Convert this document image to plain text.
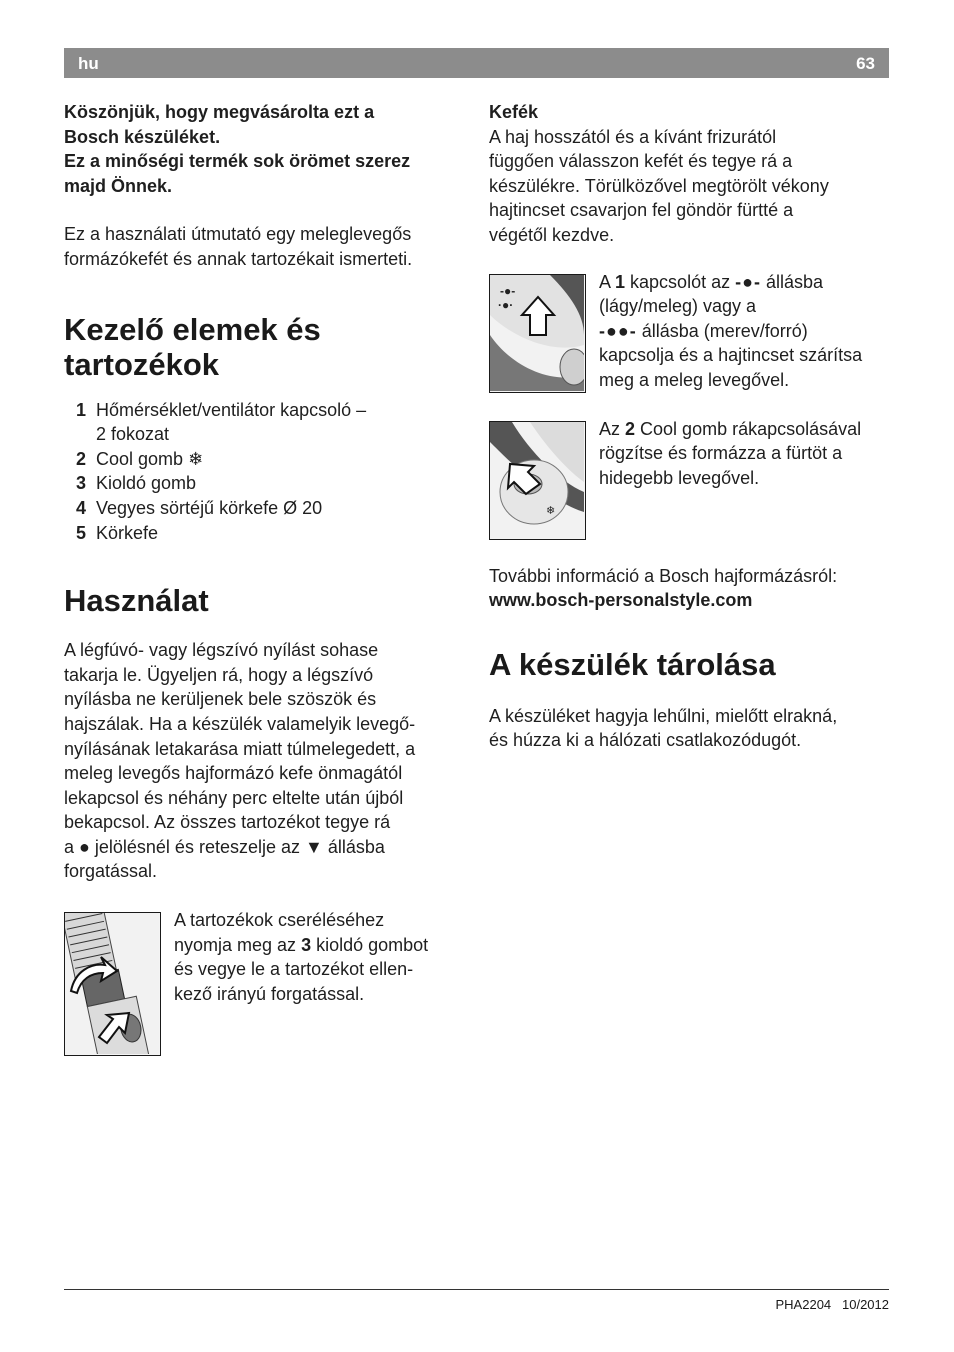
hu	63

Köszönjük, hogy megvásárolta ezt a

Bosch készüléket.

Ez a minőségi termék sok örömet szerez

majd Önnek.

Ez a használati útmutató egy meleglevegős

formázókefét és annak tartozékait ismerteti.

Kezelő elemek és
tartozékok
1 Hőmérséklet/ventilátor kapcsoló –
2 fokozat
2 Cool gomb ❄
3 Kioldó gomb
4 Vegyes sörtéjű körkefe Ø 20
5 Körkefe
Használat

A légfúvó- vagy légszívó nyílást sohase

takarja le. Ügyeljen rá, hogy a légszívó

nyílásba ne kerüljenek bele szöszök és

hajszálak. Ha a készülék valamelyik levegő-

nyílásának letakarása miatt túlmelegedett, a

meleg levegős hajformázó kefe önmagától

lekapcsol és néhány perc eltelte után újból

bekapcsol. Az összes tartozékot tegye rá

a ● jelölésnél és reteszelje az ▼ állásba

forgatással.

A tartozékok cseréléséhez

nyomja meg az 3 kioldó gombot

és vegye le a tartozékot ellen-

kező irányú forgatással.

Kefék

A haj hosszától és a kívánt frizurától

függően válasszon kefét és tegye rá a

készülékre. Törülközővel megtörölt vékony

hajtincset csavarjon fel göndör fürtté a

végétől kezdve.

-●-
·●·

A 1 kapcsolót az -●- állásba

(lágy/meleg) vagy a

-●●- állásba (merev/forró)

kapcsolja és a hajtincset szárítsa

meg a meleg levegővel.

❄

Az 2 Cool gomb rákapcsolásával

rögzítse és formázza a fürtöt a

hidegebb levegővel.

További információ a Bosch hajformázásról:

www.bosch-personalstyle.com

A készülék tárolása

A készüléket hagyja lehűlni, mielőtt elrakná,

és húzza ki a hálózati csatlakozódugót.

PHA2204 10/2012
